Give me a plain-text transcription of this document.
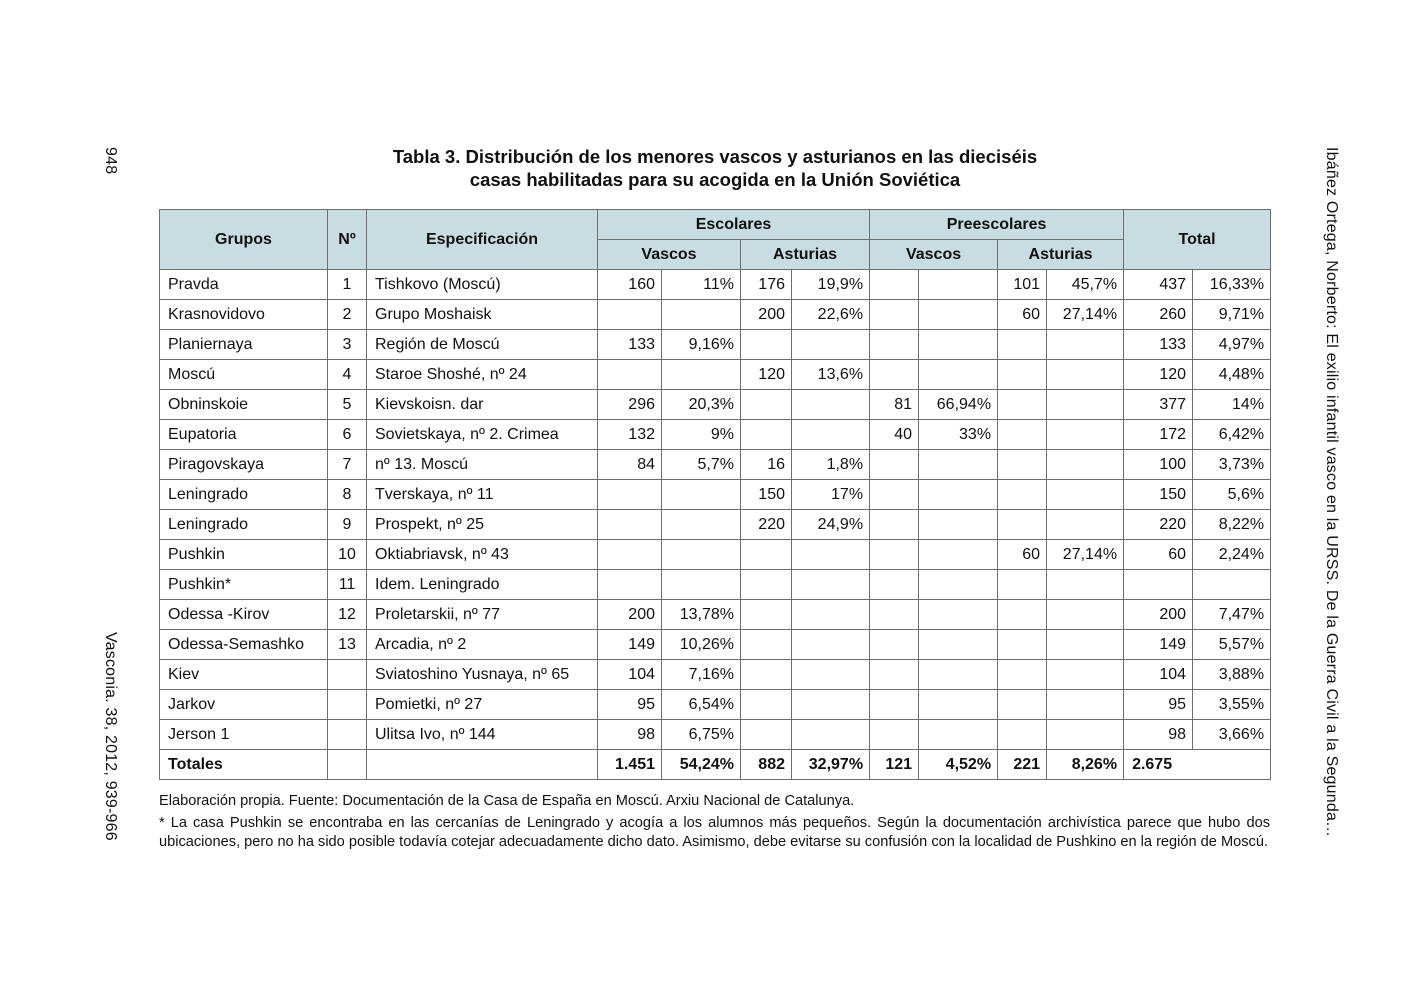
948
Vasconia. 38, 2012, 939-966	Ibáñez Ortega, Norberto: El exilio infantil vasco en la URSS. De la Guerra Civil a la Segunda…
Tabla 3. Distribución de los menores vascos y asturianos en las dieciséis
casas habilitadas para su acogida en la Unión Soviética
Grupos	Nº	Especificación	Escolares				Preescolares				Total	
			Vascos		Asturias		Vascos		Asturias			
Pravda	1	Tishkovo (Moscú)	160	11%	176	19,9%			101	45,7%	437	16,33%
Krasnovidovo	2	Grupo Moshaisk			200	22,6%			60	27,14%	260	9,71%
Planiernaya	3	Región de Moscú	133	9,16%							133	4,97%
Moscú	4	Staroe Shoshé, nº 24			120	13,6%					120	4,48%
Obninskoie	5	Kievskoisn. dar	296	20,3%			81	66,94%			377	14%
Eupatoria	6	Sovietskaya, nº 2. Crimea	132	9%			40	33%			172	6,42%
Piragovskaya	7	nº 13. Moscú	84	5,7%	16	1,8%					100	3,73%
Leningrado	8	Tverskaya, nº 11			150	17%					150	5,6%
Leningrado	9	Prospekt, nº 25			220	24,9%					220	8,22%
Pushkin	10	Oktiabriavsk, nº 43							60	27,14%	60	2,24%
Pushkin*	11	Idem. Leningrado										
Odessa -Kirov	12	Proletarskii, nº 77	200	13,78%							200	7,47%
Odessa-Semashko	13	Arcadia, nº 2	149	10,26%							149	5,57%
Kiev		Sviatoshino Yusnaya, nº 65	104	7,16%							104	3,88%
Jarkov		Pomietki, nº 27	95	6,54%							95	3,55%
Jerson 1		Ulitsa Ivo, nº 144	98	6,75%							98	3,66%
Totales			1.451	54,24%	882	32,97%	121	4,52%	221	8,26%	2.675	

Elaboración propia. Fuente: Documentación de la Casa de España en Moscú. Arxiu Nacional de Catalunya.

* La casa Pushkin se encontraba en las cercanías de Leningrado y acogía a los alumnos más pequeños. Según la documentación archivística parece que hubo dos ubicaciones, pero no ha sido posible todavía cotejar adecuadamente dicho dato. Asimismo, debe evitarse su confusión con la localidad de Pushkino en la región de Moscú.
